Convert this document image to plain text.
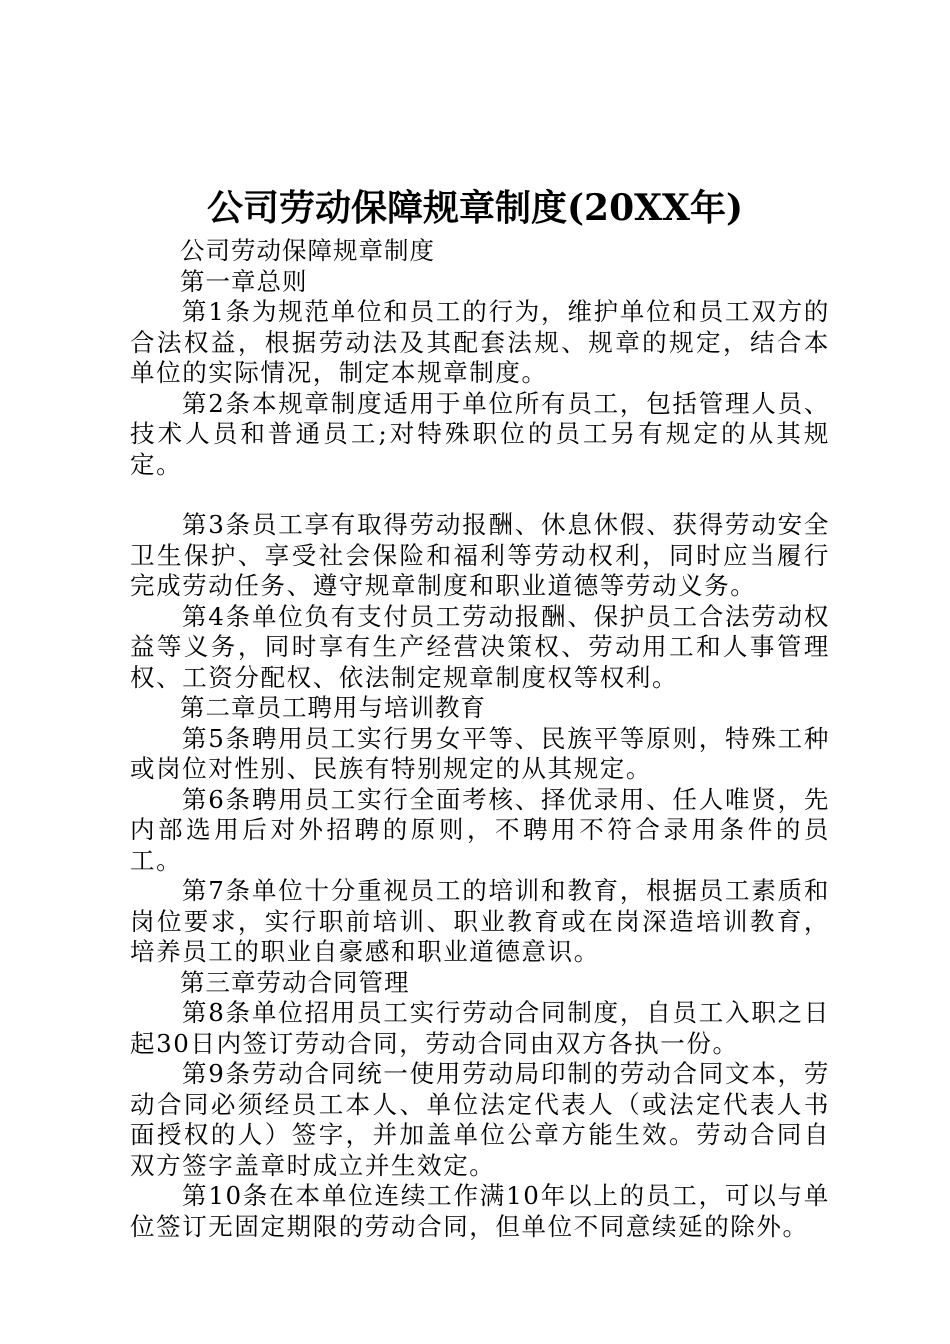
公司劳动保障规章制度(20XX年)

公司劳动保障规章制度

第一章总则

第1条为规范单位和员工的行为，维护单位和员工双方的合法权益，根据劳动法及其配套法规、规章的规定，结合本单位的实际情况，制定本规章制度。

第2条本规章制度适用于单位所有员工，包括管理人员、技术人员和普通员工;对特殊职位的员工另有规定的从其规定。

第3条员工享有取得劳动报酬、休息休假、获得劳动安全卫生保护、享受社会保险和福利等劳动权利，同时应当履行完成劳动任务、遵守规章制度和职业道德等劳动义务。

第4条单位负有支付员工劳动报酬、保护员工合法劳动权益等义务，同时享有生产经营决策权、劳动用工和人事管理权、工资分配权、依法制定规章制度权等权利。

第二章员工聘用与培训教育

第5条聘用员工实行男女平等、民族平等原则，特殊工种或岗位对性别、民族有特别规定的从其规定。

第6条聘用员工实行全面考核、择优录用、任人唯贤，先内部选用后对外招聘的原则，不聘用不符合录用条件的员工。

第7条单位十分重视员工的培训和教育，根据员工素质和岗位要求，实行职前培训、职业教育或在岗深造培训教育，培养员工的职业自豪感和职业道德意识。

第三章劳动合同管理

第8条单位招用员工实行劳动合同制度，自员工入职之日起30日内签订劳动合同，劳动合同由双方各执一份。

第9条劳动合同统一使用劳动局印制的劳动合同文本，劳动合同必须经员工本人、单位法定代表人（或法定代表人书面授权的人）签字，并加盖单位公章方能生效。劳动合同自双方签字盖章时成立并生效定。

第10条在本单位连续工作满10年以上的员工，可以与单位签订无固定期限的劳动合同，但单位不同意续延的除外。
